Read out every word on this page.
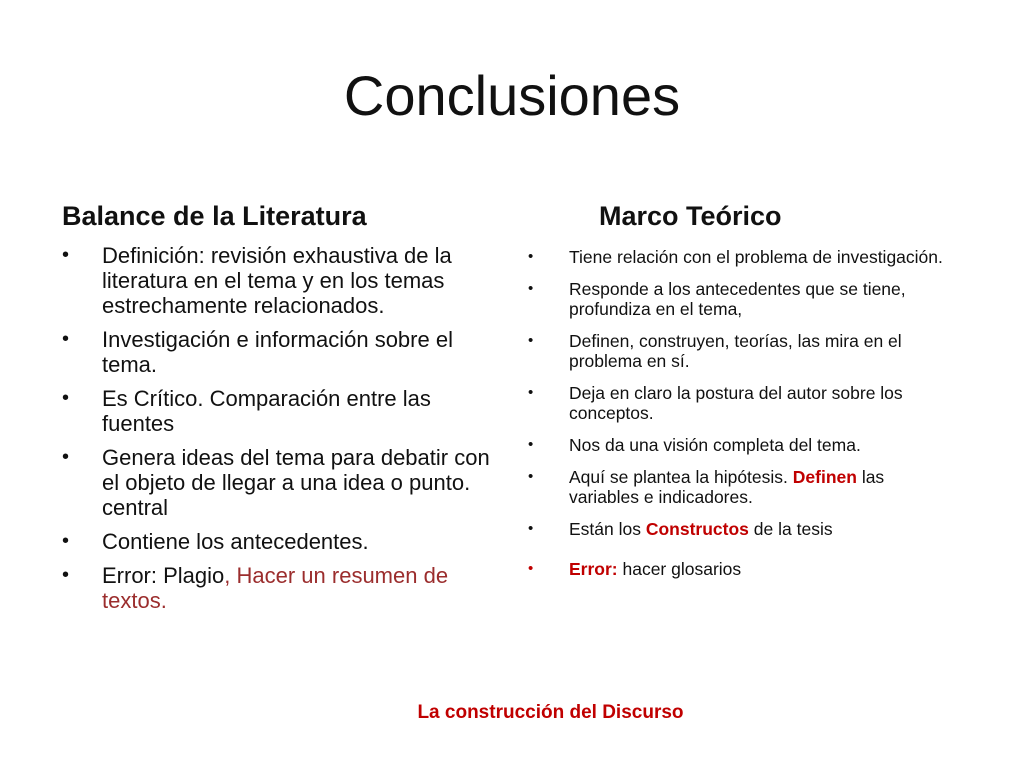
Conclusiones
Balance de la Literatura
• Definición: revisión exhaustiva de la literatura en el tema y en los temas estrechamente relacionados.
• Investigación e información sobre el tema.
• Es Crítico. Comparación entre las fuentes
• Genera ideas del tema para debatir con el objeto de llegar a una idea o punto. central
• Contiene los antecedentes.
• Error: Plagio, Hacer un resumen de textos.
Marco Teórico
• Tiene relación con el problema de investigación.
• Responde a los antecedentes que se tiene, profundiza en el tema,
• Definen, construyen, teorías, las mira en el problema en sí.
• Deja en claro la postura del autor sobre los conceptos.
• Nos da una visión completa del tema.
• Aquí se plantea la hipótesis. Definen las variables e indicadores.
• Están los Constructos de la tesis
• Error: hacer glosarios
La construcción del Discurso
